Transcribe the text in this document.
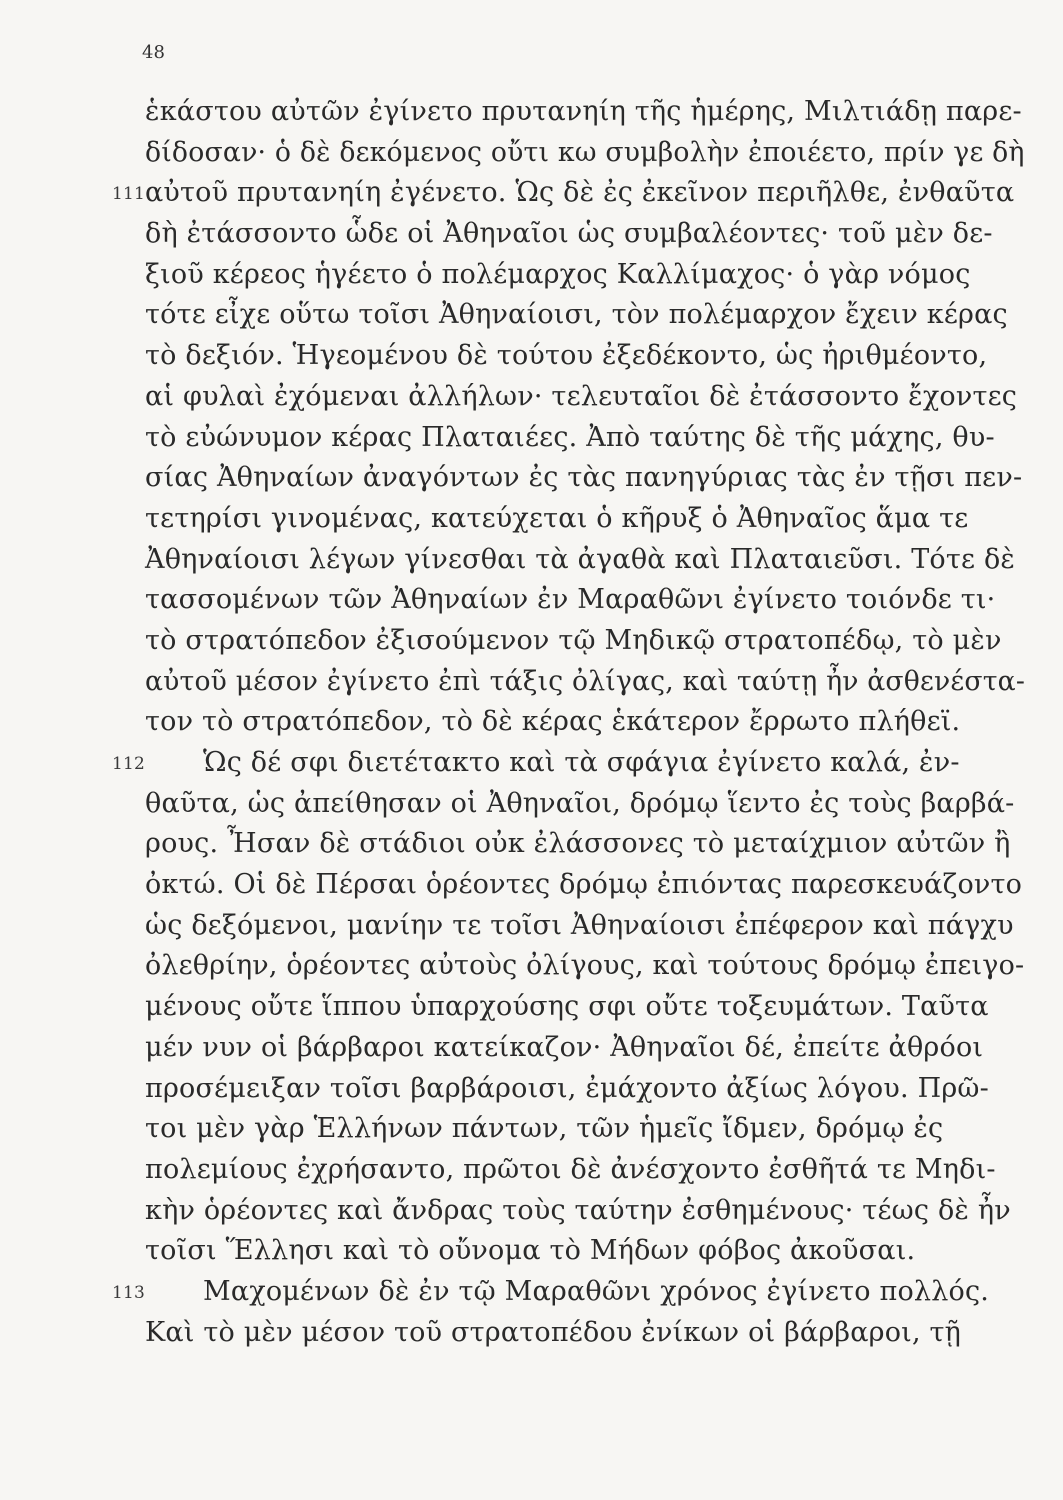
48
ἑκάστου αὐτῶν ἐγίνετο πρυτανηίη τῆς ἡμέρης, Μιλτιάδῃ παρε-
δίδοσαν· ὁ δὲ δεκόμενος οὔτι κω συμβολὴν ἐποιέετο, πρίν γε δὴ
111 αὐτοῦ πρυτανηίη ἐγένετο. Ὡς δὲ ἐς ἐκεῖνον περιῆλθε, ἐνθαῦτα
δὴ ἐτάσσοντο ὧδε οἱ Ἀθηναῖοι ὡς συμβαλέοντες· τοῦ μὲν δε-
ξιοῦ κέρεος ἡγέετο ὁ πολέμαρχος Καλλίμαχος· ὁ γὰρ νόμος
τότε εἶχε οὕτω τοῖσι Ἀθηναίοισι, τὸν πολέμαρχον ἔχειν κέρας
τὸ δεξιόν. Ἡγεομένου δὲ τούτου ἐξεδέκοντο, ὡς ἠριθμέοντο,
αἱ φυλαὶ ἐχόμεναι ἀλλήλων· τελευταῖοι δὲ ἐτάσσοντο ἔχοντες
τὸ εὐώνυμον κέρας Πλαταιέες. Ἀπὸ ταύτης δὲ τῆς μάχης, θυ-
σίας Ἀθηναίων ἀναγόντων ἐς τὰς πανηγύριας τὰς ἐν τῇσι πεν-
τετηρίσι γινομένας, κατεύχεται ὁ κῆρυξ ὁ Ἀθηναῖος ἅμα τε
Ἀθηναίοισι λέγων γίνεσθαι τὰ ἀγαθὰ καὶ Πλαταιεῦσι. Τότε δὲ
τασσομένων τῶν Ἀθηναίων ἐν Μαραθῶνι ἐγίνετο τοιόνδε τι·
τὸ στρατόπεδον ἐξισούμενον τῷ Μηδικῷ στρατοπέδῳ, τὸ μὲν
αὐτοῦ μέσον ἐγίνετο ἐπὶ τάξις ὀλίγας, καὶ ταύτῃ ἦν ἀσθενέστα-
τον τὸ στρατόπεδον, τὸ δὲ κέρας ἑκάτερον ἔρρωτο πλήθεϊ.
112 Ὡς δέ σφι διετέτακτο καὶ τὰ σφάγια ἐγίνετο καλά, ἐν-
θαῦτα, ὡς ἀπείθησαν οἱ Ἀθηναῖοι, δρόμῳ ἵεντο ἐς τοὺς βαρβά-
ρους. Ἦσαν δὲ στάδιοι οὐκ ἐλάσσονες τὸ μεταίχμιον αὐτῶν ἢ
ὀκτώ. Οἱ δὲ Πέρσαι ὁρέοντες δρόμῳ ἐπιόντας παρεσκευάζοντο
ὡς δεξόμενοι, μανίην τε τοῖσι Ἀθηναίοισι ἐπέφερον καὶ πάγχυ
ὀλεθρίην, ὁρέοντες αὐτοὺς ὀλίγους, καὶ τούτους δρόμῳ ἐπειγο-
μένους οὔτε ἵππου ὑπαρχούσης σφι οὔτε τοξευμάτων. Ταῦτα
μέν νυν οἱ βάρβαροι κατείκαζον· Ἀθηναῖοι δέ, ἐπείτε ἀθρόοι
προσέμειξαν τοῖσι βαρβάροισι, ἐμάχοντο ἀξίως λόγου. Πρῶ-
τοι μὲν γὰρ Ἑλλήνων πάντων, τῶν ἡμεῖς ἴδμεν, δρόμῳ ἐς
πολεμίους ἐχρήσαντο, πρῶτοι δὲ ἀνέσχοντο ἐσθῆτά τε Μηδι-
κὴν ὁρέοντες καὶ ἄνδρας τοὺς ταύτην ἐσθημένους· τέως δὲ ἦν
τοῖσι Ἕλλησι καὶ τὸ οὔνομα τὸ Μήδων φόβος ἀκοῦσαι.
113 Μαχομένων δὲ ἐν τῷ Μαραθῶνι χρόνος ἐγίνετο πολλός.
Καὶ τὸ μὲν μέσον τοῦ στρατοπέδου ἐνίκων οἱ βάρβαροι, τῇ
